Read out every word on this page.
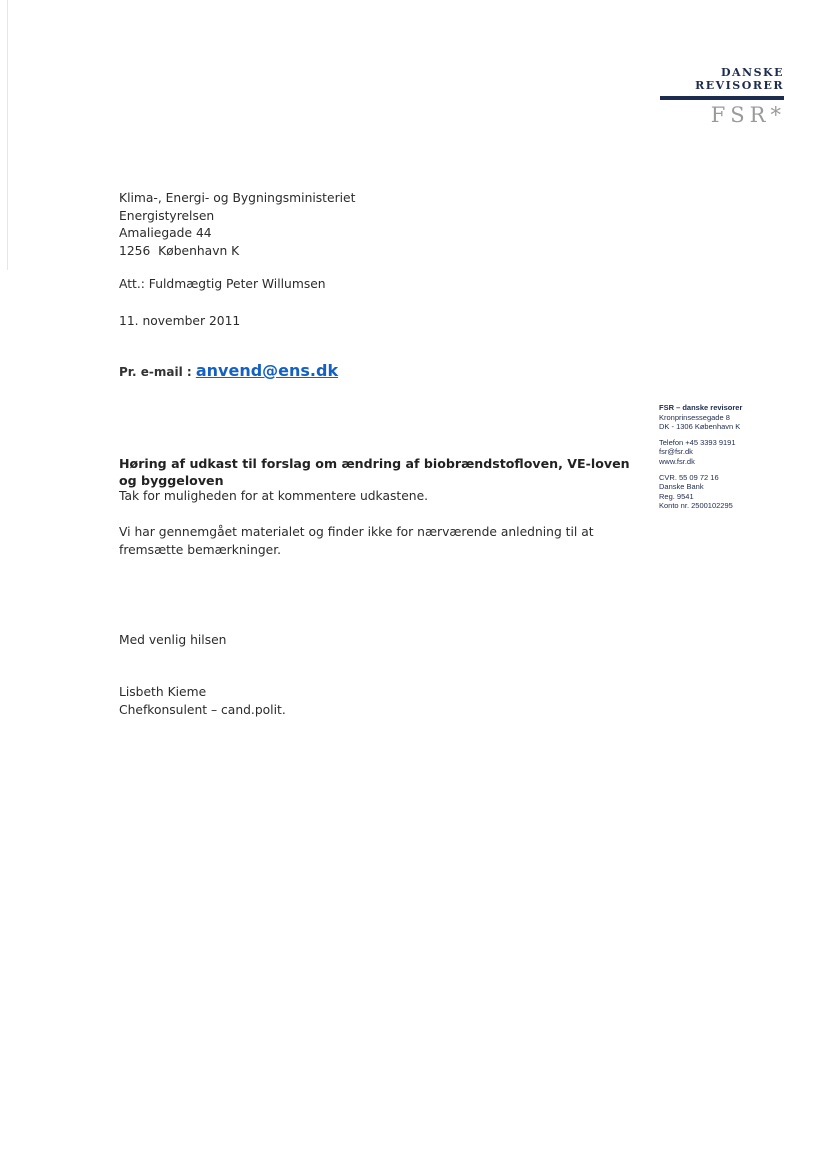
DANSKE
REVISORER
FSR*
Klima-, Energi- og Bygningsministeriet
Energistyrelsen
Amaliegade 44
1256  København K
Att.: Fuldmægtig Peter Willumsen
11. november 2011
Pr. e-mail : anvend@ens.dk
Høring af udkast til forslag om ændring af biobrændstofloven, VE-loven
og byggeloven
Tak for muligheden for at kommentere udkastene.
Vi har gennemgået materialet og finder ikke for nærværende anledning til at
fremsætte bemærkninger.
Med venlig hilsen
Lisbeth Kieme
Chefkonsulent – cand.polit.
FSR – danske revisorer
Kronprinsessegade 8
DK - 1306 København K
Telefon +45 3393 9191
fsr@fsr.dk
www.fsr.dk
CVR. 55 09 72 16
Danske Bank
Reg. 9541
Konto nr. 2500102295
